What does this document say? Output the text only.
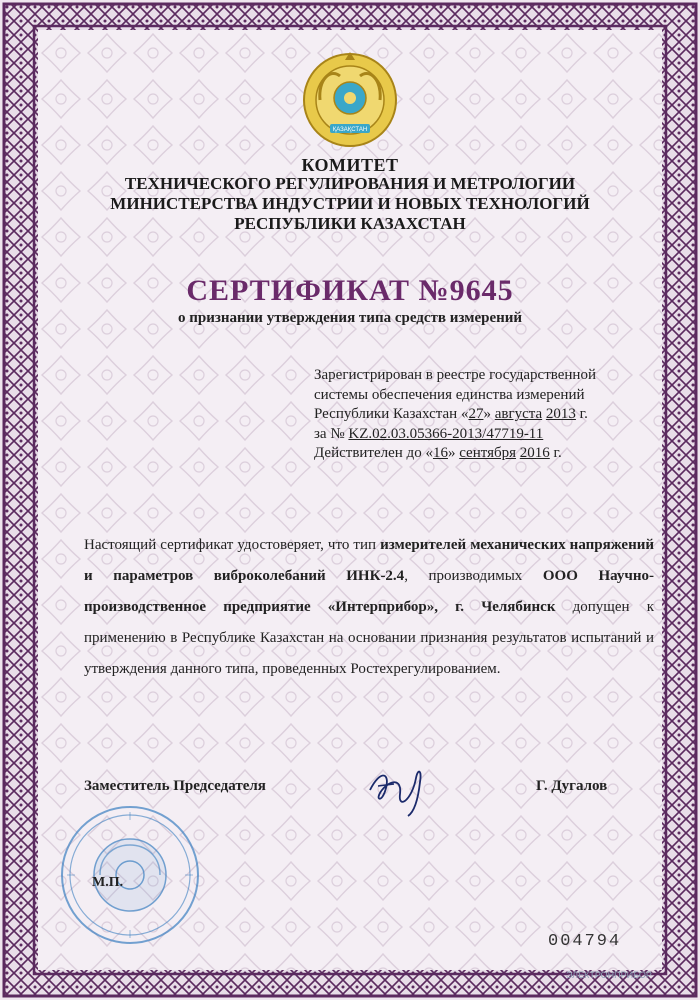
ҚАЗАҚСТАН
КОМИТЕТ
ТЕХНИЧЕСКОГО РЕГУЛИРОВАНИЯ И МЕТРОЛОГИИ
МИНИСТЕРСТВА ИНДУСТРИИ И НОВЫХ ТЕХНОЛОГИЙ
РЕСПУБЛИКИ КАЗАХСТАН
СЕРТИФИКАТ №9645
о признании утверждения типа средств измерений
Зарегистрирован в реестре государственной
системы обеспечения единства измерений
Республики Казахстан «27» августа 2013 г.
за № KZ.02.03.05366-2013/47719-11
Действителен до «16» сентября 2016 г.
Настоящий сертификат удостоверяет, что тип измерителей механических напряжений и параметров виброколебаний ИНК-2.4, производимых ООО Научно-производственное предприятие «Интерприбор», г. Челябинск допущен к применению в Республике Казахстан на основании признания результатов испытаний и утверждения данного типа, проведенных Ростехрегулированием.
Заместитель Председателя	Г. Дугалов
М.П.
004794
ЭЛЕКТРОНПРИБОР
